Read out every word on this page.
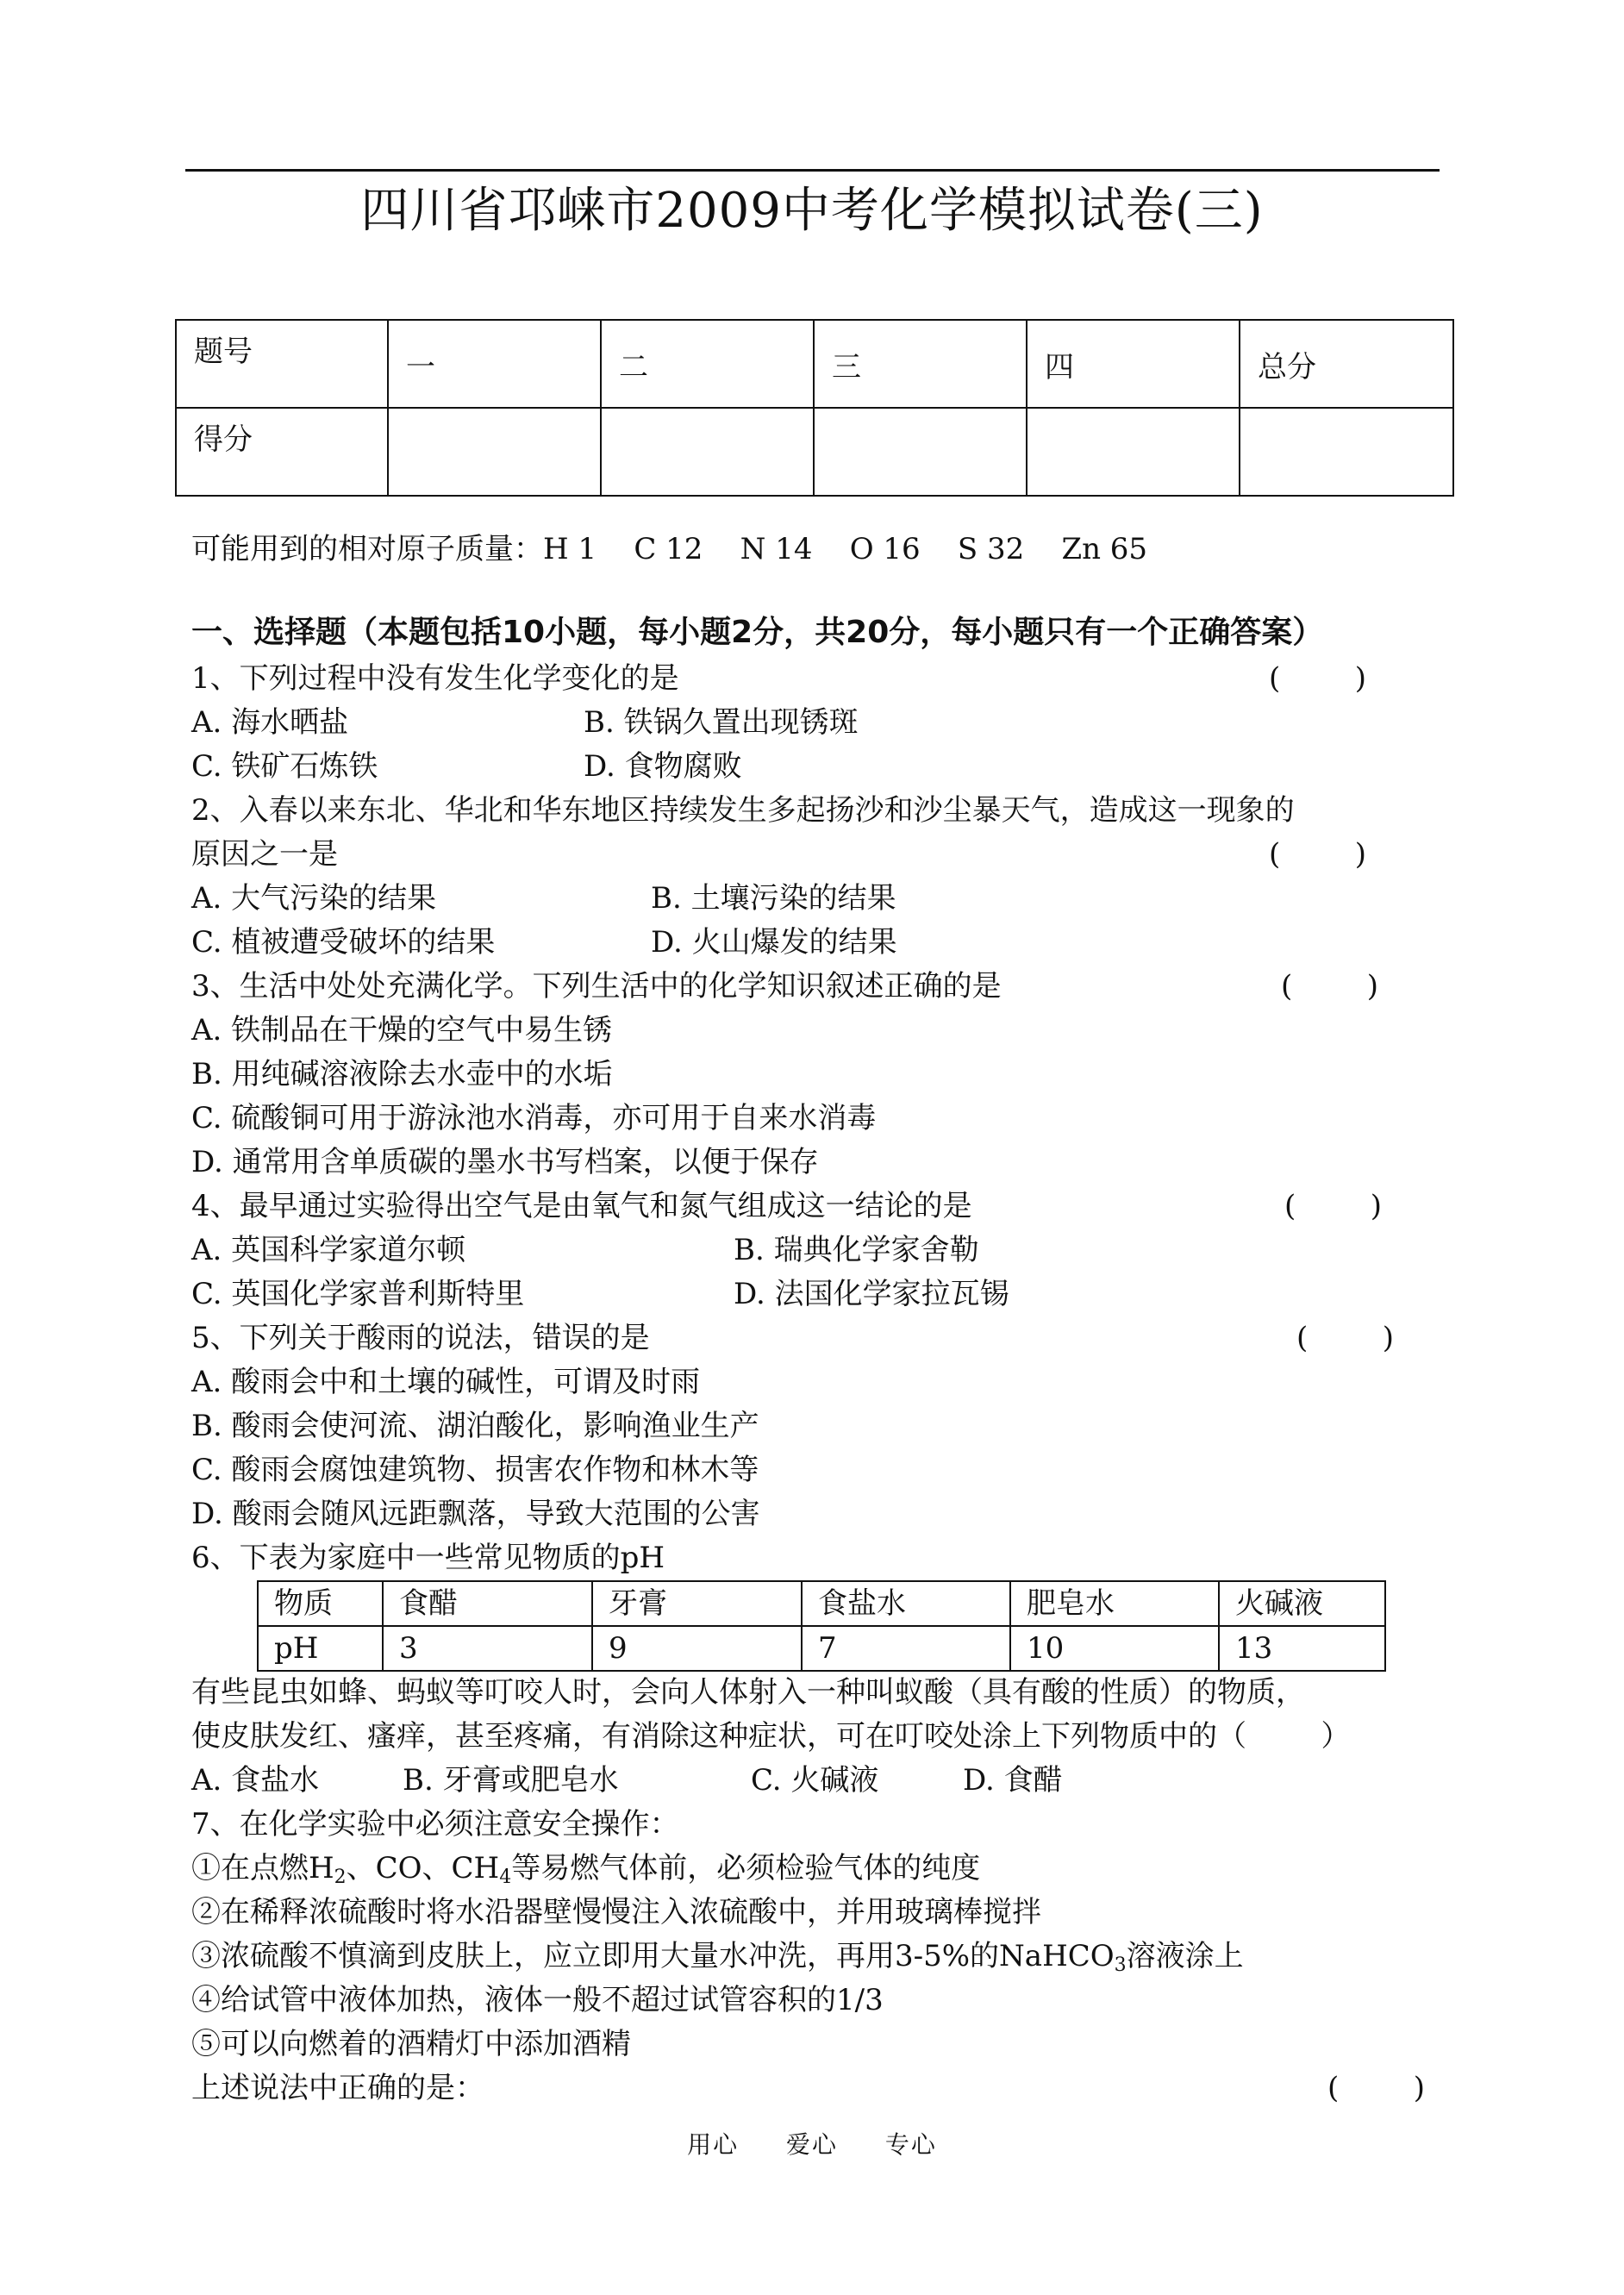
四川省邛崃市2009中考化学模拟试卷(三)
题号	一	二	三	四	总分
得分					
可能用到的相对原子质量：H 1    C 12    N 14    O 16    S 32    Zn 65
一、选择题（本题包括10小题，每小题2分，共20分，每小题只有一个正确答案）
1、下列过程中没有发生化学变化的是	(        )
A. 海水晒盐	B. 铁锅久置出现锈斑
C. 铁矿石炼铁	D. 食物腐败
2、入春以来东北、华北和华东地区持续发生多起扬沙和沙尘暴天气，造成这一现象的
原因之一是	(        )
A. 大气污染的结果	B. 土壤污染的结果
C. 植被遭受破坏的结果	D. 火山爆发的结果
3、生活中处处充满化学。下列生活中的化学知识叙述正确的是	(        )
A. 铁制品在干燥的空气中易生锈
B. 用纯碱溶液除去水壶中的水垢
C. 硫酸铜可用于游泳池水消毒，亦可用于自来水消毒
D. 通常用含单质碳的墨水书写档案，以便于保存
4、最早通过实验得出空气是由氧气和氮气组成这一结论的是	(        )
A. 英国科学家道尔顿	B. 瑞典化学家舍勒
C. 英国化学家普利斯特里	D. 法国化学家拉瓦锡
5、下列关于酸雨的说法，错误的是	(        )
A. 酸雨会中和土壤的碱性，可谓及时雨
B. 酸雨会使河流、湖泊酸化，影响渔业生产
C. 酸雨会腐蚀建筑物、损害农作物和林木等
D. 酸雨会随风远距飘落，导致大范围的公害
6、下表为家庭中一些常见物质的pH
物质	食醋	牙膏	食盐水	肥皂水	火碱液
pH	3	9	7	10	13
有些昆虫如蜂、蚂蚁等叮咬人时，会向人体射入一种叫蚁酸（具有酸的性质）的物质，
使皮肤发红、瘙痒，甚至疼痛，有消除这种症状，可在叮咬处涂上下列物质中的（        ）
A. 食盐水	B. 牙膏或肥皂水	C. 火碱液	D. 食醋
7、在化学实验中必须注意安全操作：
①在点燃$H_2$、CO、$CH_4$等易燃气体前，必须检验气体的纯度
②在稀释浓硫酸时将水沿器壁慢慢注入浓硫酸中，并用玻璃棒搅拌
③浓硫酸不慎滴到皮肤上，应立即用大量水冲洗，再用3-5%的NaHCO$_3$溶液涂上
④给试管中液体加热，液体一般不超过试管容积的1/3
⑤可以向燃着的酒精灯中添加酒精
上述说法中正确的是：	(        )
用心 爱心 专心
